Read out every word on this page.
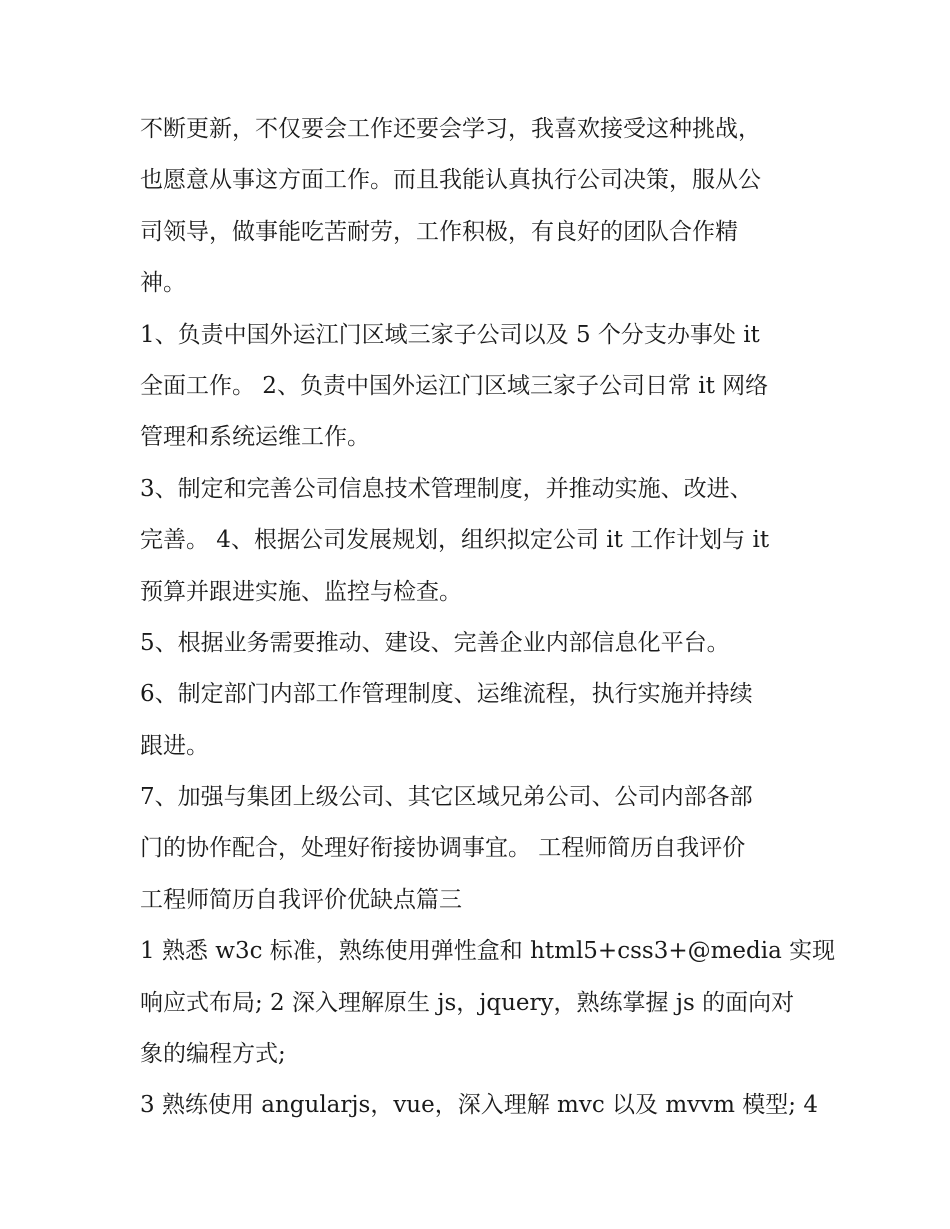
不断更新，不仅要会工作还要会学习，我喜欢接受这种挑战，
也愿意从事这方面工作。而且我能认真执行公司决策，服从公
司领导，做事能吃苦耐劳，工作积极，有良好的团队合作精
神。
1、负责中国外运江门区域三家子公司以及 5 个分支办事处 it
全面工作。 2、负责中国外运江门区域三家子公司日常 it 网络
管理和系统运维工作。
3、制定和完善公司信息技术管理制度，并推动实施、改进、
完善。 4、根据公司发展规划，组织拟定公司 it 工作计划与 it
预算并跟进实施、监控与检查。
5、根据业务需要推动、建设、完善企业内部信息化平台。
6、制定部门内部工作管理制度、运维流程，执行实施并持续
跟进。
7、加强与集团上级公司、其它区域兄弟公司、公司内部各部
门的协作配合，处理好衔接协调事宜。 工程师简历自我评价
工程师简历自我评价优缺点篇三
1 熟悉 w3c 标准，熟练使用弹性盒和 html5+css3+@media 实现
响应式布局; 2 深入理解原生 js，jquery，熟练掌握 js 的面向对
象的编程方式;
3 熟练使用 angularjs，vue，深入理解 mvc 以及 mvvm 模型; 4
